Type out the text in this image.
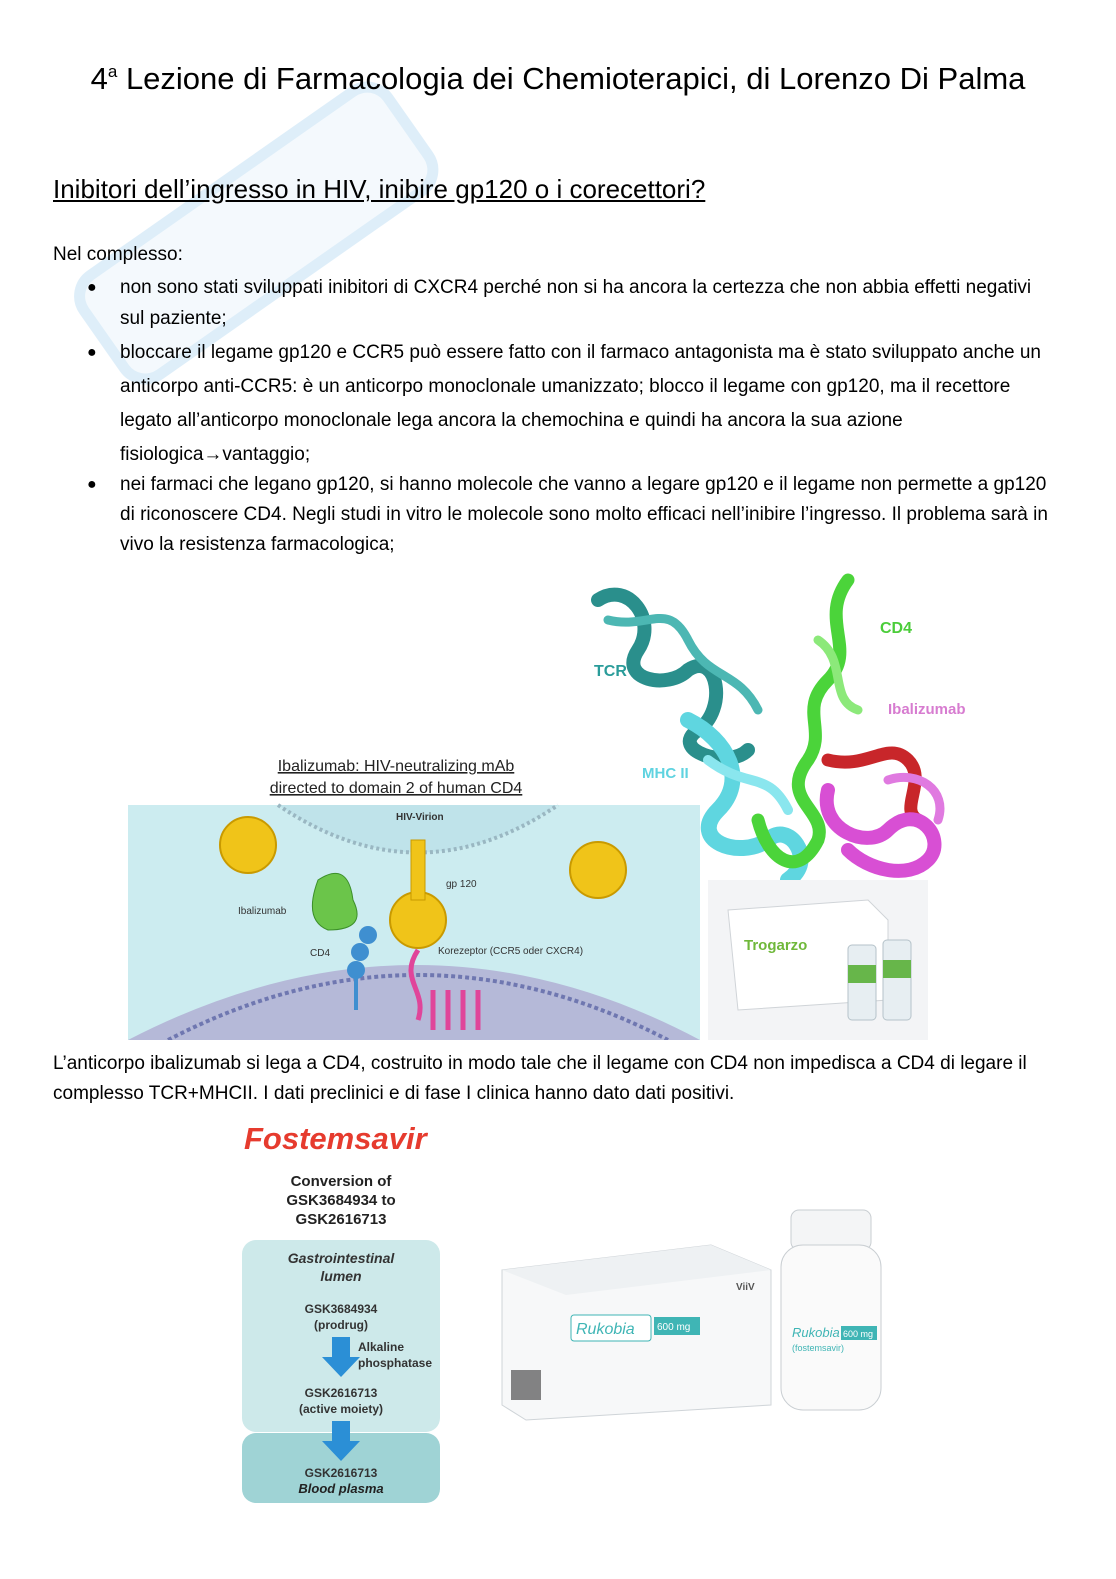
4$^a$ Lezione di Farmacologia dei Chemioterapici, di Lorenzo Di Palma
Inibitori dell’ingresso in HIV, inibire gp120 o i corecettori?
Nel complesso:
● non sono stati sviluppati inibitori di CXCR4 perché non si ha ancora la certezza che non abbia effetti negativi sul paziente;
● bloccare il legame gp120 e CCR5 può essere fatto con il farmaco antagonista ma è stato sviluppato anche un anticorpo anti-CCR5: è un anticorpo monoclonale umanizzato; blocco il legame con gp120, ma il recettore legato all’anticorpo monoclonale lega ancora la chemochina e quindi ha ancora la sua azione fisiologica→vantaggio;
● nei farmaci che legano gp120, si hanno molecole che vanno a legare gp120 e il legame non permette a gp120 di riconoscere CD4. Negli studi in vitro le molecole sono molto efficaci nell’inibire l’ingresso. Il problema sarà in vivo la resistenza farmacologica;
TCR
CD4
Ibalizumab
MHC II
Ibalizumab: HIV-neutralizing mAb
directed to domain 2 of human CD4
HIV-Virion
gp 120
Ibalizumab
CD4	Korezeptor (CCR5 oder CXCR4)	Trogarzo
L’anticorpo ibalizumab si lega a CD4, costruito in modo tale che il legame con CD4 non impedisca a CD4 di legare il complesso TCR+MHCII. I dati preclinici e di fase I clinica hanno dato dati positivi.
Fostemsavir
Conversion of
GSK3684934 to
GSK2616713
Gastrointestinal
lumen
GSK3684934
(prodrug)
Alkaline
phosphatase
GSK2616713
(active moiety)
GSK2616713
Blood plasma
Rukobia 600 mg
ViiV
Rukobia
(fostemsavir)
600 mg
